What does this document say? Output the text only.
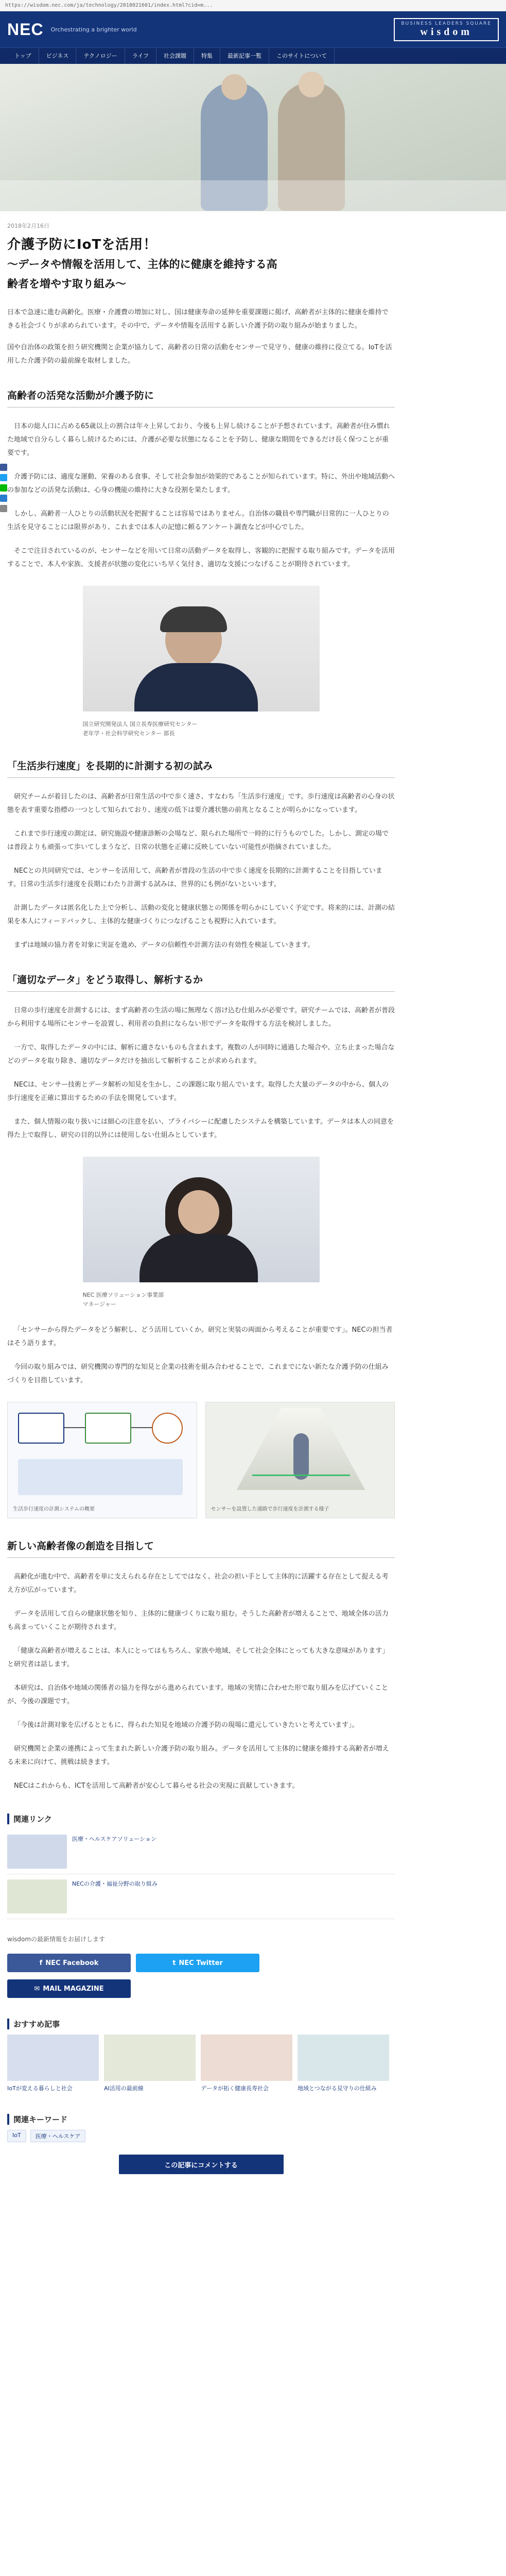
https://wisdom.nec.com/ja/technology/2018021601/index.html?cid=m...
NEC Orchestrating a brighter world
BUSINESS LEADERS SQUARE
wisdom
トップ	ビジネス	テクノロジー	ライフ	社会課題	特集	最新記事一覧	このサイトについて
2018年2月16日
介護予防にIoTを活用！
〜データや情報を活用して、主体的に健康を維持する高
齢者を増やす取り組み〜

日本で急速に進む高齢化。医療・介護費の増加に対し、国は健康寿命の延伸を重要課題に掲げ、高齢者が主体的に健康を維持できる社会づくりが求められています。その中で、データや情報を活用する新しい介護予防の取り組みが始まりました。

国や自治体の政策を担う研究機関と企業が協力して、高齢者の日常の活動をセンサーで見守り、健康の維持に役立てる。IoTを活用した介護予防の最前線を取材しました。

高齢者の活発な活動が介護予防に

日本の総人口に占める65歳以上の割合は年々上昇しており、今後も上昇し続けることが予想されています。高齢者が住み慣れた地域で自分らしく暮らし続けるためには、介護が必要な状態になることを予防し、健康な期間をできるだけ長く保つことが重要です。

介護予防には、適度な運動、栄養のある食事、そして社会参加が効果的であることが知られています。特に、外出や地域活動への参加などの活発な活動は、心身の機能の維持に大きな役割を果たします。

しかし、高齢者一人ひとりの活動状況を把握することは容易ではありません。自治体の職員や専門職が日常的に一人ひとりの生活を見守ることには限界があり、これまでは本人の記憶に頼るアンケート調査などが中心でした。

そこで注目されているのが、センサーなどを用いて日常の活動データを取得し、客観的に把握する取り組みです。データを活用することで、本人や家族、支援者が状態の変化にいち早く気付き、適切な支援につなげることが期待されています。

国立研究開発法人 国立長寿医療研究センター
老年学・社会科学研究センター 部長
「生活歩行速度」を長期的に計測する初の試み

研究チームが着目したのは、高齢者が日常生活の中で歩く速さ、すなわち「生活歩行速度」です。歩行速度は高齢者の心身の状態を表す重要な指標の一つとして知られており、速度の低下は要介護状態の前兆となることが明らかになっています。

これまで歩行速度の測定は、研究施設や健康診断の会場など、限られた場所で一時的に行うものでした。しかし、測定の場では普段よりも頑張って歩いてしまうなど、日常の状態を正確に反映していない可能性が指摘されていました。

NECとの共同研究では、センサーを活用して、高齢者が普段の生活の中で歩く速度を長期的に計測することを目指しています。日常の生活歩行速度を長期にわたり計測する試みは、世界的にも例がないといいます。

計測したデータは匿名化した上で分析し、活動の変化と健康状態との関係を明らかにしていく予定です。将来的には、計測の結果を本人にフィードバックし、主体的な健康づくりにつなげることも視野に入れています。

まずは地域の協力者を対象に実証を進め、データの信頼性や計測方法の有効性を検証していきます。

「適切なデータ」をどう取得し、解析するか

日常の歩行速度を計測するには、まず高齢者の生活の場に無理なく溶け込む仕組みが必要です。研究チームでは、高齢者が普段から利用する場所にセンサーを設置し、利用者の負担にならない形でデータを取得する方法を検討しました。

一方で、取得したデータの中には、解析に適さないものも含まれます。複数の人が同時に通過した場合や、立ち止まった場合などのデータを取り除き、適切なデータだけを抽出して解析することが求められます。

NECは、センサー技術とデータ解析の知見を生かし、この課題に取り組んでいます。取得した大量のデータの中から、個人の歩行速度を正確に算出するための手法を開発しています。

また、個人情報の取り扱いには細心の注意を払い、プライバシーに配慮したシステムを構築しています。データは本人の同意を得た上で取得し、研究の目的以外には使用しない仕組みとしています。

NEC 医療ソリューション事業部
マネージャー

「センサーから得たデータをどう解釈し、どう活用していくか。研究と実装の両面から考えることが重要です」。NECの担当者はそう語ります。

今回の取り組みでは、研究機関の専門的な知見と企業の技術を組み合わせることで、これまでにない新たな介護予防の仕組みづくりを目指しています。

生活歩行速度の計測システムの概要	センサーを設置した通路で歩行速度を計測する様子
新しい高齢者像の創造を目指して

高齢化が進む中で、高齢者を単に支えられる存在としてではなく、社会の担い手として主体的に活躍する存在として捉える考え方が広がっています。

データを活用して自らの健康状態を知り、主体的に健康づくりに取り組む。そうした高齢者が増えることで、地域全体の活力も高まっていくことが期待されます。

「健康な高齢者が増えることは、本人にとってはもちろん、家族や地域、そして社会全体にとっても大きな意味があります」と研究者は話します。

本研究は、自治体や地域の関係者の協力を得ながら進められています。地域の実情に合わせた形で取り組みを広げていくことが、今後の課題です。

「今後は計測対象を広げるとともに、得られた知見を地域の介護予防の現場に還元していきたいと考えています」。

研究機関と企業の連携によって生まれた新しい介護予防の取り組み。データを活用して主体的に健康を維持する高齢者が増える未来に向けて、挑戦は続きます。

NECはこれからも、ICTを活用して高齢者が安心して暮らせる社会の実現に貢献していきます。

関連リンク
医療・ヘルスケアソリューション
NECの介護・福祉分野の取り組み
wisdomの最新情報をお届けします
f NEC Facebook	t NEC Twitter
✉ MAIL MAGAZINE
おすすめ記事
IoTが変える暮らしと社会	AI活用の最前線	データが拓く健康長寿社会	地域とつながる見守りの仕組み
関連キーワード
IoT	医療・ヘルスケア
この記事にコメントする
